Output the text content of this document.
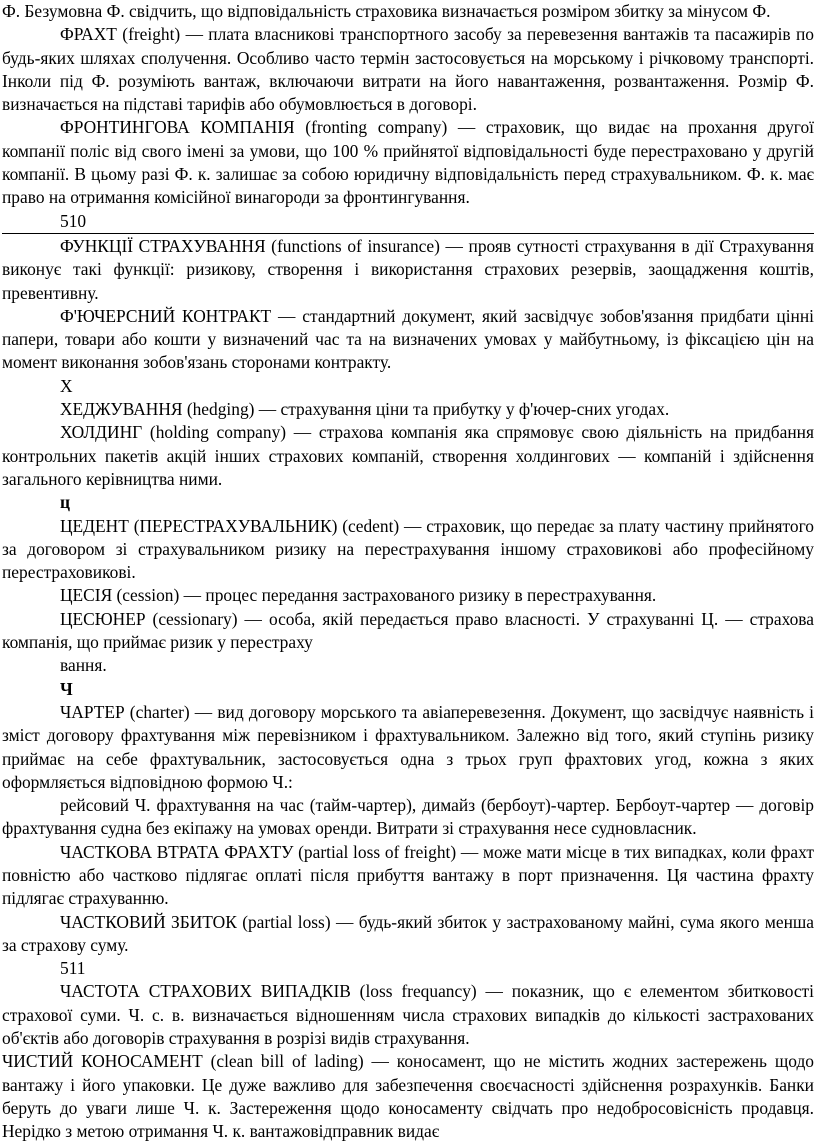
Ф. Безумовна Ф. свідчить, що відповідальність страховика визначається розміром збитку за мінусом Ф.

ФРАХТ (freight) — плата власникові транспортного засобу за перевезення вантажів та пасажирів по будь-яких шляхах сполучення. Особливо часто термін застосовується на морському і річковому транспорті. Інколи під Ф. розуміють вантаж, включаючи витрати на його навантаження, розвантаження. Розмір Ф. визначається на підставі тарифів або обумовлюється в договорі.

ФРОНТИНГОВА КОМПАНІЯ (fronting company) — страховик, що видає на прохання другої компанії поліс від свого імені за умови, що 100 % прийнятої відповідальності буде перестраховано у другій компанії. В цьому разі Ф. к. залишає за собою юридичну відповідальність перед страхувальником. Ф. к. має право на отримання комісійної винагороди за фронтингування.

510

ФУНКЦІЇ СТРАХУВАННЯ (functions of insurance) — прояв сутності страхування в дії Страхування виконує такі функції: ризикову, створення і використання страхових резервів, заощадження коштів, превентивну.

Ф'ЮЧЕРСНИЙ КОНТРАКТ — стандартний документ, який засвідчує зобов'язання придбати цінні папери, товари або кошти у визначений час та на визначених умовах у майбутньому, із фіксацією цін на момент виконання зобов'язань сторонами контракту.

Х

ХЕДЖУВАННЯ (hedging) — страхування ціни та прибутку у ф'ючер-сних угодах.

ХОЛДИНГ (holding company) — страхова компанія яка спрямовує свою діяльність на придбання контрольних пакетів акцій інших страхових компаній, створення холдингових — компаній і здійснення загального керівництва ними.

ц

ЦЕДЕНТ (ПЕРЕСТРАХУВАЛЬНИК) (cedent) — страховик, що передає за плату частину прийнятого за договором зі страхувальником ризику на перестрахування іншому страховикові або професійному перестраховикові.

ЦЕСІЯ (cession) — процес передання застрахованого ризику в перестрахування.

ЦЕСЮНЕР (cessionary) — особа, якій передається право власності. У страхуванні Ц. — страхова компанія, що приймає ризик у перестраху

вання.

Ч

ЧАРТЕР (charter) — вид договору морського та авіаперевезення. Документ, що засвідчує наявність і зміст договору фрахтування між перевізником і фрахтувальником. Залежно від того, який ступінь ризику приймає на себе фрахтувальник, застосовується одна з трьох груп фрахтових угод, кожна з яких оформляється відповідною формою Ч.:

рейсовий Ч. фрахтування на час (тайм-чартер), димайз (бербоут)-чартер. Бербоут-чартер — договір фрахтування судна без екіпажу на умовах оренди. Витрати зі страхування несе судновласник.

ЧАСТКОВА ВТРАТА ФРАХТУ (partial loss of freight) — може мати місце в тих випадках, коли фрахт повністю або частково підлягає оплаті після прибуття вантажу в порт призначення. Ця частина фрахту підлягає страхуванню.

ЧАСТКОВИЙ ЗБИТОК (partial loss) — будь-який збиток у застрахованому майні, сума якого менша за страхову суму.

511

ЧАСТОТА СТРАХОВИХ ВИПАДКІВ (loss frequancy) — показник, що є елементом збитковості страхової суми. Ч. с. в. визначається відношенням числа страхових випадків до кількості застрахованих об'єктів або договорів страхування в розрізі видів страхування.

ЧИСТИЙ КОНОСАМЕНТ (clean bill of lading) — коносамент, що не містить жодних застережень щодо вантажу і його упаковки. Це дуже важливо для забезпечення своєчасності здійснення розрахунків. Банки беруть до уваги лише Ч. к. Застереження щодо коносаменту свідчать про недобросовісність продавця. Нерідко з метою отримання Ч. к. вантажовідправник видає
